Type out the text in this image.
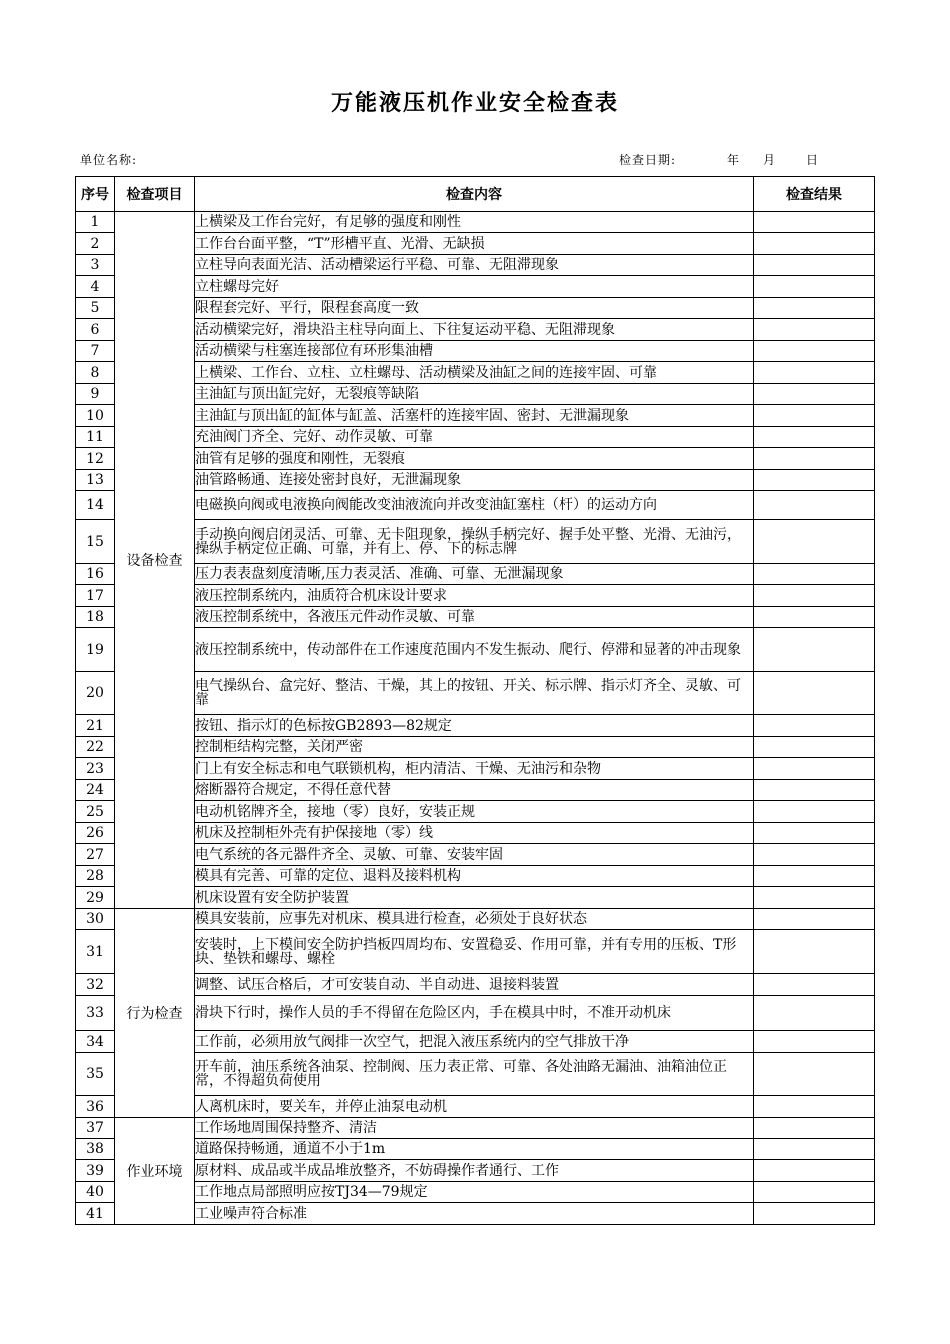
万能液压机作业安全检查表
单位名称:	检查日期:	年 月 日
序号	检查项目	检查内容	检查结果
1	设备检查	上横梁及工作台完好，有足够的强度和刚性	
2		工作台台面平整，“T”形槽平直、光滑、无缺损	
3		立柱导向表面光洁、活动槽梁运行平稳、可靠、无阻滞现象	
4		立柱螺母完好	
5		限程套完好、平行，限程套高度一致	
6		活动横梁完好，滑块沿主柱导向面上、下往复运动平稳、无阻滞现象	
7		活动横梁与柱塞连接部位有环形集油槽	
8		上横梁、工作台、立柱、立柱螺母、活动横梁及油缸之间的连接牢固、可靠	
9		主油缸与顶出缸完好，无裂痕等缺陷	
10		主油缸与顶出缸的缸体与缸盖、活塞杆的连接牢固、密封、无泄漏现象	
11		充油阀门齐全、完好、动作灵敏、可靠	
12		油管有足够的强度和刚性，无裂痕	
13		油管路畅通、连接处密封良好，无泄漏现象	
14		电磁换向阀或电液换向阀能改变油液流向并改变油缸塞柱（杆）的运动方向	
15		手动换向阀启闭灵活、可靠、无卡阻现象，操纵手柄完好、握手处平整、光滑、无油污，操纵手柄定位正确、可靠，并有上、停、下的标志牌	
16		压力表表盘刻度清晰,压力表灵活、准确、可靠、无泄漏现象	
17		液压控制系统内，油质符合机床设计要求	
18		液压控制系统中，各液压元件动作灵敏、可靠	
19		液压控制系统中，传动部件在工作速度范围内不发生振动、爬行、停滞和显著的冲击现象	
20		电气操纵台、盒完好、整洁、干燥，其上的按钮、开关、标示牌、指示灯齐全、灵敏、可靠	
21		按钮、指示灯的色标按GB2893—82规定	
22		控制柜结构完整，关闭严密	
23		门上有安全标志和电气联锁机构，柜内清洁、干燥、无油污和杂物	
24		熔断器符合规定，不得任意代替	
25		电动机铭牌齐全，接地（零）良好，安装正规	
26		机床及控制柜外壳有护保接地（零）线	
27		电气系统的各元器件齐全、灵敏、可靠、安装牢固	
28		模具有完善、可靠的定位、退料及接料机构	
29		机床设置有安全防护装置	
30	行为检查	模具安装前，应事先对机床、模具进行检查，必须处于良好状态	
31		安装时，上下模间安全防护挡板四周均布、安置稳妥、作用可靠，并有专用的压板、T形块、垫铁和螺母、螺栓	
32		调整、试压合格后，才可安装自动、半自动进、退接料装置	
33		滑块下行时，操作人员的手不得留在危险区内，手在模具中时，不准开动机床	
34		工作前，必须用放气阀排一次空气，把混入液压系统内的空气排放干净	
35		开车前，油压系统各油泵、控制阀、压力表正常、可靠、各处油路无漏油、油箱油位正常，不得超负荷使用	
36		人离机床时，要关车，并停止油泵电动机	
37	作业环境	工作场地周围保持整齐、清洁	
38		道路保持畅通，通道不小于1m	
39		原材料、成品或半成品堆放整齐，不妨碍操作者通行、工作	
40		工作地点局部照明应按TJ34—79规定	
41		工业噪声符合标准	
